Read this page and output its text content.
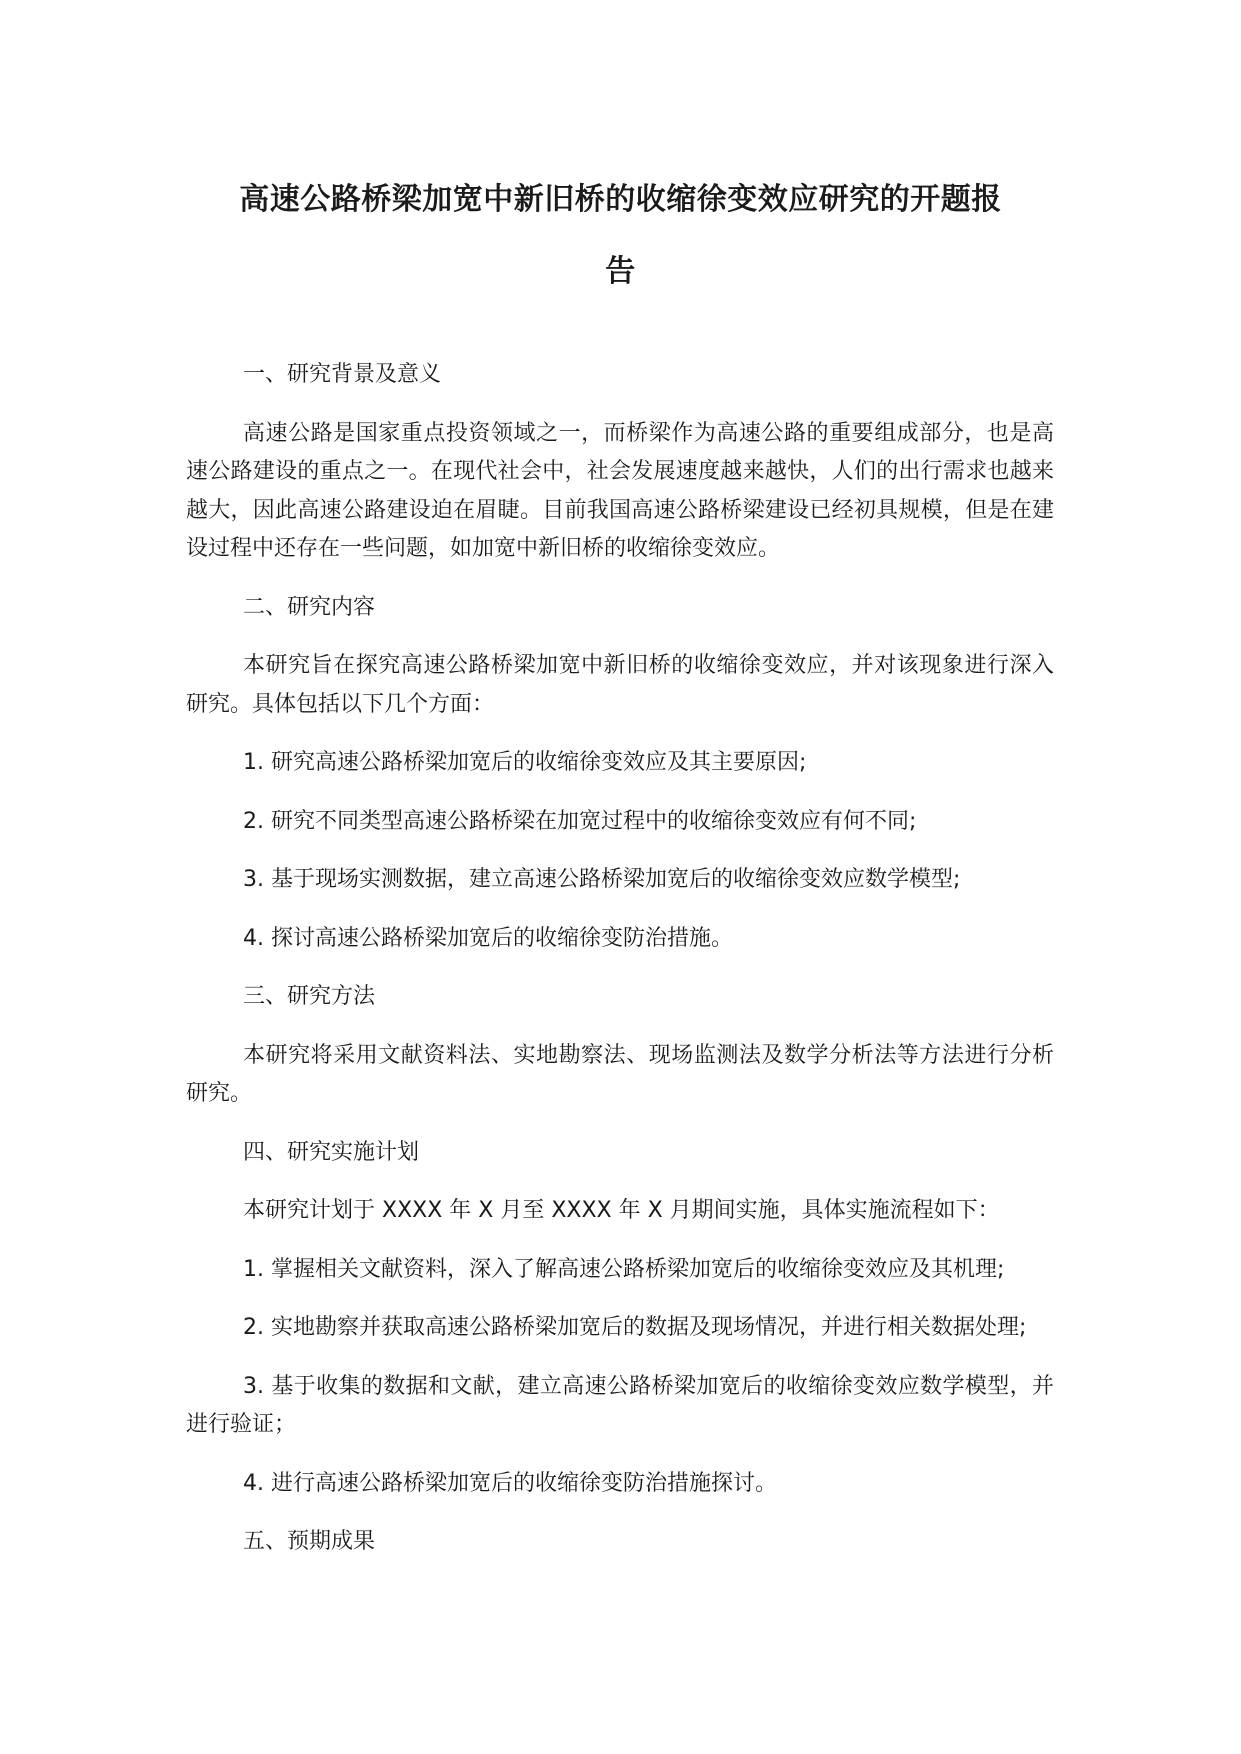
高速公路桥梁加宽中新旧桥的收缩徐变效应研究的开题报
告

一、研究背景及意义

高速公路是国家重点投资领域之一，而桥梁作为高速公路的重要组成部分，也是高速公路建设的重点之一。在现代社会中，社会发展速度越来越快，人们的出行需求也越来越大，因此高速公路建设迫在眉睫。目前我国高速公路桥梁建设已经初具规模，但是在建设过程中还存在一些问题，如加宽中新旧桥的收缩徐变效应。

二、研究内容

本研究旨在探究高速公路桥梁加宽中新旧桥的收缩徐变效应，并对该现象进行深入研究。具体包括以下几个方面：

1. 研究高速公路桥梁加宽后的收缩徐变效应及其主要原因;

2. 研究不同类型高速公路桥梁在加宽过程中的收缩徐变效应有何不同;

3. 基于现场实测数据，建立高速公路桥梁加宽后的收缩徐变效应数学模型;

4. 探讨高速公路桥梁加宽后的收缩徐变防治措施。

三、研究方法

本研究将采用文献资料法、实地勘察法、现场监测法及数学分析法等方法进行分析研究。

四、研究实施计划

本研究计划于 XXXX 年 X 月至 XXXX 年 X 月期间实施，具体实施流程如下：

1. 掌握相关文献资料，深入了解高速公路桥梁加宽后的收缩徐变效应及其机理;

2. 实地勘察并获取高速公路桥梁加宽后的数据及现场情况，并进行相关数据处理;

3. 基于收集的数据和文献，建立高速公路桥梁加宽后的收缩徐变效应数学模型，并进行验证；

4. 进行高速公路桥梁加宽后的收缩徐变防治措施探讨。

五、预期成果
